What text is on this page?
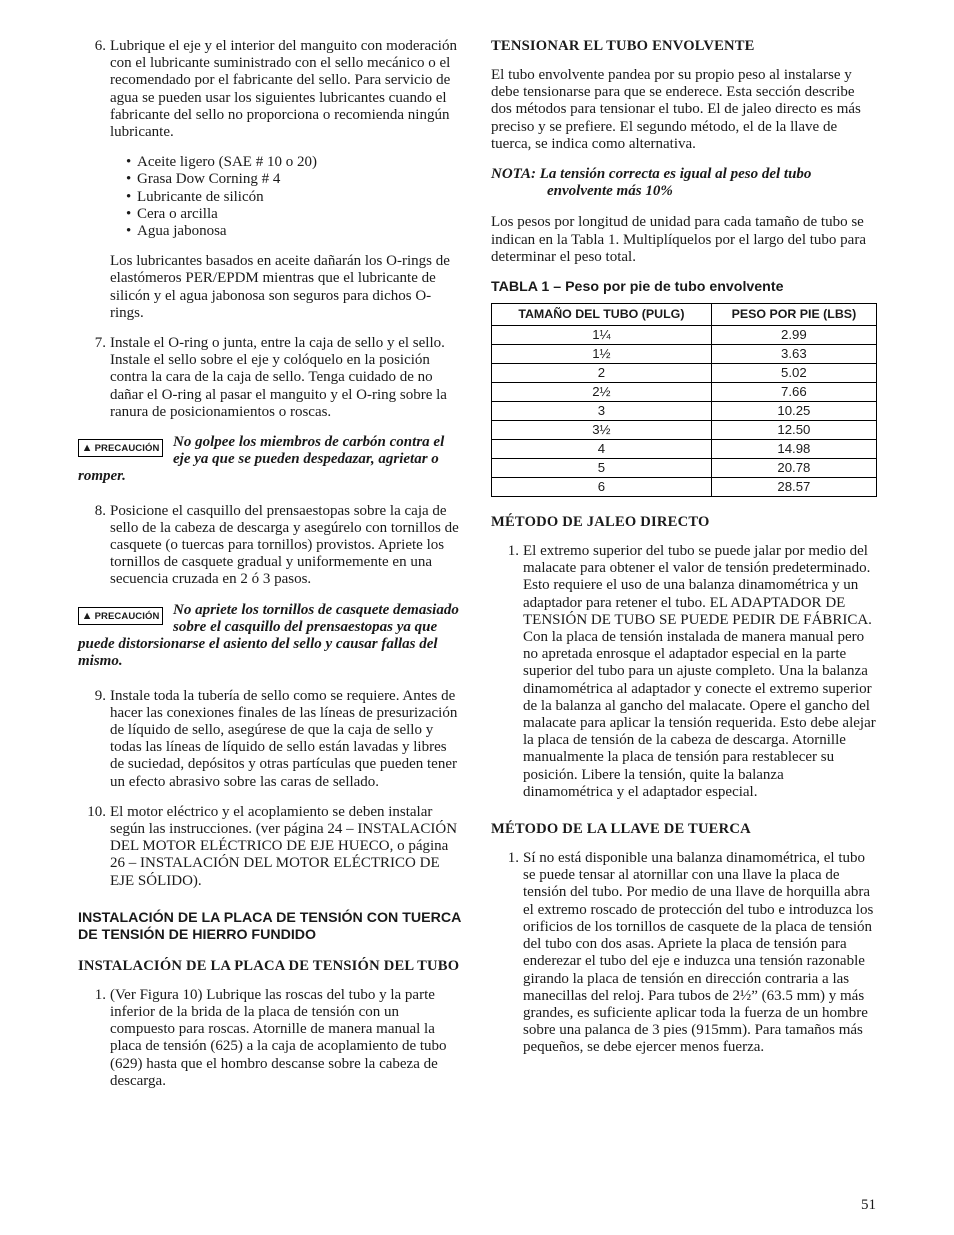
6. Lubrique el eje y el interior del manguito con moderación con el lubricante suministrado con el sello mecánico o el recomendado por el fabricante del sello. Para servicio de agua se pueden usar los siguientes lubricantes cuando el fabricante del sello no proporciona o recomienda ningún lubricante.

• Aceite ligero (SAE # 10 o 20)
• Grasa Dow Corning # 4
• Lubricante de silicón
• Cera o arcilla
• Agua jabonosa

Los lubricantes basados en aceite dañarán los O-rings de elastómeros PER/EPDM mientras que el lubricante de silicón y el agua jabonosa son seguros para dichos O-rings.

7. Instale el O-ring o junta, entre la caja de sello y el sello. Instale el sello sobre el eje y colóquelo en la posición contra la cara de la caja de sello. Tenga cuidado de no dañar el O-ring al pasar el manguito y el O-ring sobre la ranura de posicionamientos o roscas.

▲ PRECAUCIÓN No golpee los miembros de carbón contra el eje ya que se pueden despedazar, agrietar o romper.
8. Posicione el casquillo del prensaestopas sobre la caja de sello de la cabeza de descarga y asegúrelo con tornillos de casquete (o tuercas para tornillos) provistos. Apriete los tornillos de casquete gradual y uniformemente en una secuencia cruzada en 2 ó 3 pasos.

▲ PRECAUCIÓN No apriete los tornillos de casquete demasiado sobre el casquillo del prensaestopas ya que puede distorsionarse el asiento del sello y causar fallas del mismo.
9. Instale toda la tubería de sello como se requiere. Antes de hacer las conexiones finales de las líneas de presurización de líquido de sello, asegúrese de que la caja de sello y todas las líneas de líquido de sello están lavadas y libres de suciedad, depósitos y otras partículas que pueden tener un efecto abrasivo sobre las caras de sellado.

10. El motor eléctrico y el acoplamiento se deben instalar según las instrucciones. (ver página 24 – INSTALACIÓN DEL MOTOR ELÉCTRICO DE EJE HUECO, o página 26 – INSTALACIÓN DEL MOTOR ELÉCTRICO DE EJE SÓLIDO).

INSTALACIÓN DE LA PLACA DE TENSIÓN CON TUERCA DE TENSIÓN DE HIERRO FUNDIDO

INSTALACIÓN DE LA PLACA DE TENSIÓN DEL TUBO

1. (Ver Figura 10) Lubrique las roscas del tubo y la parte inferior de la brida de la placa de tensión con un compuesto para roscas. Atornille de manera manual la placa de tensión (625) a la caja de acoplamiento de tubo (629) hasta que el hombro descanse sobre la cabeza de descarga.

TENSIONAR EL TUBO ENVOLVENTE

El tubo envolvente pandea por su propio peso al instalarse y debe tensionarse para que se enderece. Esta sección describe dos métodos para tensionar el tubo. El de jaleo directo es más preciso y se prefiere. El segundo método, el de la llave de tuerca, se indica como alternativa.

NOTA: La tensión correcta es igual al peso del tubo
envolvente más 10%

Los pesos por longitud de unidad para cada tamaño de tubo se indican en la Tabla 1. Multiplíquelos por el largo del tubo para determinar el peso total.

TABLA 1 – Peso por pie de tubo envolvente

TAMAÑO DEL TUBO (PULG)	PESO POR PIE (LBS)
1¼	2.99
1½	3.63
2	5.02
2½	7.66
3	10.25
3½	12.50
4	14.98
5	20.78
6	28.57

MÉTODO DE JALEO DIRECTO

1. El extremo superior del tubo se puede jalar por medio del malacate para obtener el valor de tensión predeterminado. Esto requiere el uso de una balanza dinamométrica y un adaptador para retener el tubo. EL ADAPTADOR DE TENSIÓN DE TUBO SE PUEDE PEDIR DE FÁBRICA. Con la placa de tensión instalada de manera manual pero no apretada enrosque el adaptador especial en la parte superior del tubo para un ajuste completo. Una la balanza dinamométrica al adaptador y conecte el extremo superior de la balanza al gancho del malacate. Opere el gancho del malacate para aplicar la tensión requerida. Esto debe alejar la placa de tensión de la cabeza de descarga. Atornille manualmente la placa de tensión para restablecer su posición. Libere la tensión, quite la balanza dinamométrica y el adaptador especial.

MÉTODO DE LA LLAVE DE TUERCA

1. Sí no está disponible una balanza dinamométrica, el tubo se puede tensar al atornillar con una llave la placa de tensión del tubo. Por medio de una llave de horquilla abra el extremo roscado de protección del tubo e introduzca los orificios de los tornillos de casquete de la placa de tensión del tubo con dos asas. Apriete la placa de tensión para enderezar el tubo del eje e induzca una tensión razonable girando la placa de tensión en dirección contraria a las manecillas del reloj. Para tubos de 2½” (63.5 mm) y más grandes, es suficiente aplicar toda la fuerza de un hombre sobre una palanca de 3 pies (915mm). Para tamaños más pequeños, se debe ejercer menos fuerza.

51
